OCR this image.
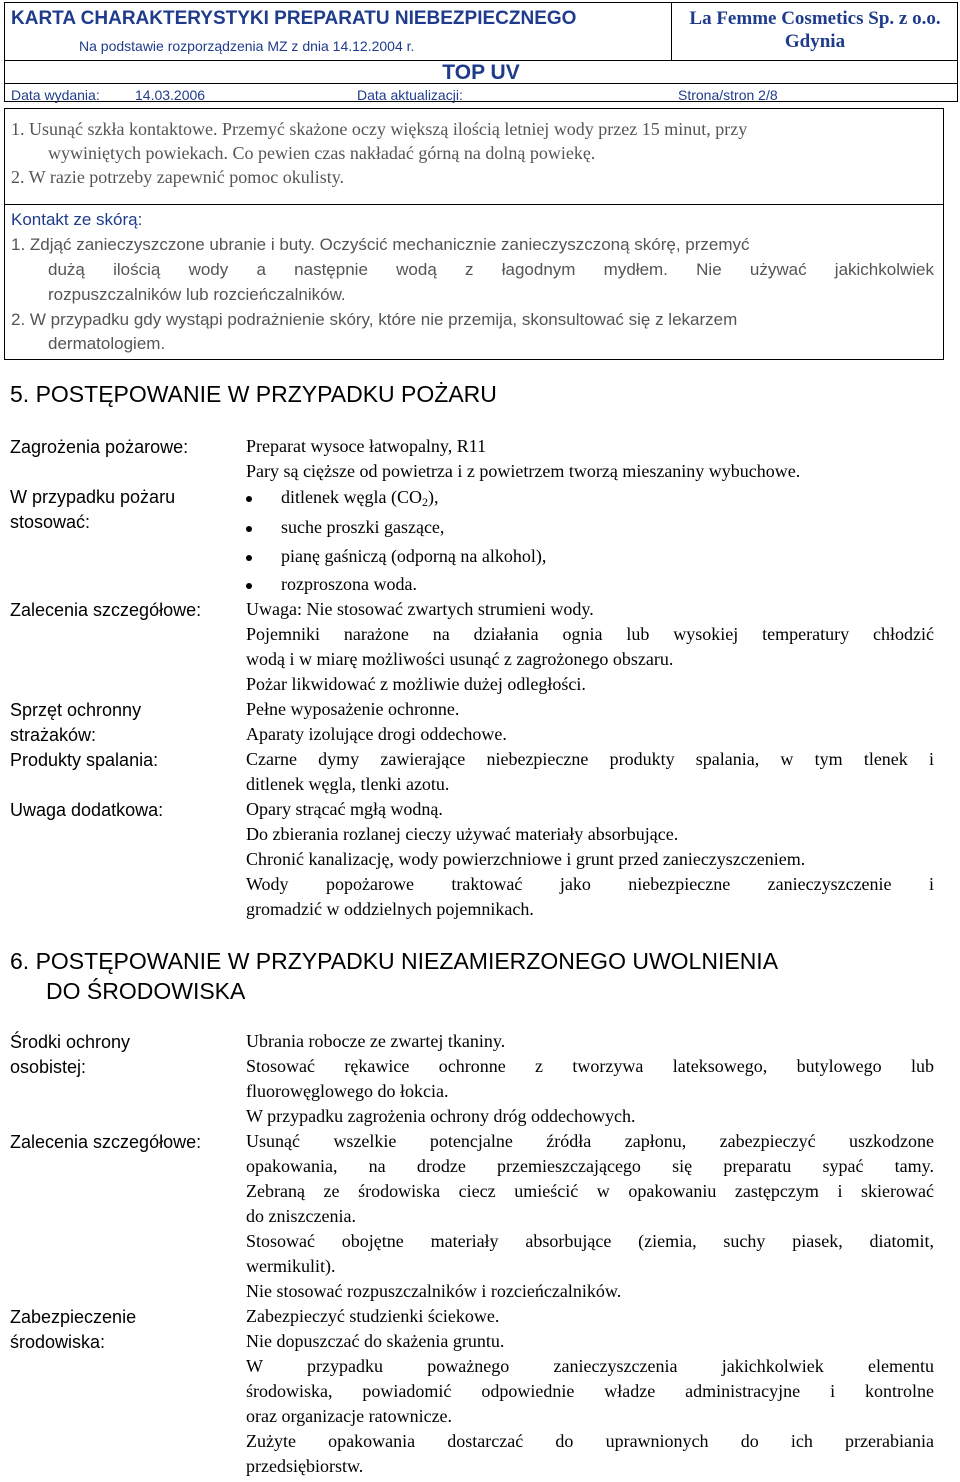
KARTA CHARAKTERYSTYKI PREPARATU NIEBEZPIECZNEGO
Na podstawie rozporządzenia MZ z dnia 14.12.2004 r.
La Femme Cosmetics Sp. z o.o.
Gdynia
TOP UV
Data wydania:	14.03.2006	Data aktualizacji:	Strona/stron 2/8
1. Usunąć szkła kontaktowe. Przemyć skażone oczy większą ilością letniej wody przez 15 minut, przy
wywiniętych powiekach. Co pewien czas nakładać górną na dolną powiekę.
2. W razie potrzeby zapewnić pomoc okulisty.
Kontakt ze skórą:
1. Zdjąć zanieczyszczone ubranie i buty. Oczyścić mechanicznie zanieczyszczoną skórę, przemyć
dużą ilością wody a następnie wodą z łagodnym mydłem. Nie używać jakichkolwiek
rozpuszczalników lub rozcieńczalników.
2. W przypadku gdy wystąpi podrażnienie skóry, które nie przemija, skonsultować się z lekarzem
dermatologiem.
5. POSTĘPOWANIE W PRZYPADKU POŻARU
Zagrożenia pożarowe:	Preparat wysoce łatwopalny, R11
Pary są cięższe od powietrza i z powietrzem tworzą mieszaniny wybuchowe.
W przypadku pożaru
stosować:
ditlenek węgla $(CO_2)$,
suche proszki gaszące,
pianę gaśniczą (odporną na alkohol),
rozproszona woda.
Zalecenia szczegółowe: Uwaga: Nie stosować zwartych strumieni wody.
Pojemniki narażone na działania ognia lub wysokiej temperatury chłodzić
wodą i w miarę możliwości usunąć z zagrożonego obszaru.
Pożar likwidować z możliwie dużej odległości.
Sprzęt ochronny
strażaków:
Pełne wyposażenie ochronne.
Aparaty izolujące drogi oddechowe.
Produkty spalania:	Czarne dymy zawierające niebezpieczne produkty spalania, w tym tlenek i
ditlenek węgla, tlenki azotu.
Uwaga dodatkowa:	Opary strącać mgłą wodną.
Do zbierania rozlanej cieczy używać materiały absorbujące.
Chronić kanalizację, wody powierzchniowe i grunt przed zanieczyszczeniem.
Wody popożarowe traktować jako niebezpieczne zanieczyszczenie i
gromadzić w oddzielnych pojemnikach.
6. POSTĘPOWANIE W PRZYPADKU NIEZAMIERZONEGO UWOLNIENIA
DO ŚRODOWISKA
Środki ochrony
osobistej:
Ubrania robocze ze zwartej tkaniny.
Stosować rękawice ochronne z tworzywa lateksowego, butylowego lub
fluorowęglowego do łokcia.
W przypadku zagrożenia ochrony dróg oddechowych.
Zalecenia szczegółowe: Usunąć wszelkie potencjalne źródła zapłonu, zabezpieczyć uszkodzone
opakowania, na drodze przemieszczającego się preparatu sypać tamy.
Zebraną ze środowiska ciecz umieścić w opakowaniu zastępczym i skierować
do zniszczenia.
Stosować obojętne materiały absorbujące (ziemia, suchy piasek, diatomit,
wermikulit).
Nie stosować rozpuszczalników i rozcieńczalników.
Zabezpieczenie
środowiska:
Zabezpieczyć studzienki ściekowe.
Nie dopuszczać do skażenia gruntu.
W przypadku poważnego zanieczyszczenia jakichkolwiek elementu
środowiska, powiadomić odpowiednie władze administracyjne i kontrolne
oraz organizacje ratownicze.
Zużyte opakowania dostarczać do uprawnionych do ich przerabiania
przedsiębiorstw.
